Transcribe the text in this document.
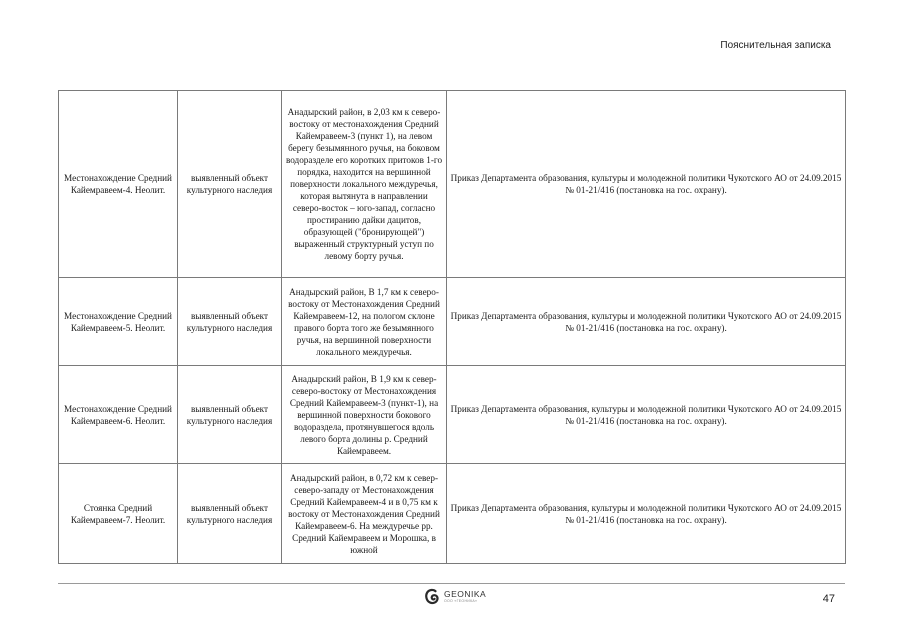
Пояснительная записка
Местонахождение Средний Кайемравеем-4. Неолит.	выявленный объект культурного наследия	Анадырский район, в 2,03 км к северо-востоку от местонахождения Средний Кайемравеем-3 (пункт 1), на левом берегу безымянного ручья, на боковом водоразделе его коротких притоков 1-го порядка, находится на вершинной поверхности локального междуречья, которая вытянута в направлении северо-восток – юго-запад, согласно простиранию дайки дацитов, образующей ("бронирующей") выраженный структурный уступ по левому борту ручья.	Приказ Департамента образования, культуры и молодежной политики Чукотского АО от 24.09.2015 № 01-21/416 (постановка на гос. охрану).
Местонахождение Средний Кайемравеем-5. Неолит.	выявленный объект культурного наследия	Анадырский район, В 1,7 км к северо-востоку от Местонахождения Средний Кайемравеем-12, на пологом склоне правого борта того же безымянного ручья, на вершинной поверхности локального междуречья.	Приказ Департамента образования, культуры и молодежной политики Чукотского АО от 24.09.2015 № 01-21/416 (постановка на гос. охрану).
Местонахождение Средний Кайемравеем-6. Неолит.	выявленный объект культурного наследия	Анадырский район, В 1,9 км к север-северо-востоку от Местонахождения Средний Кайемравеем-3 (пункт-1), на вершинной поверхности бокового водораздела, протянувшегося вдоль левого борта долины р. Средний Кайемравеем.	Приказ Департамента образования, культуры и молодежной политики Чукотского АО от 24.09.2015 № 01-21/416 (постановка на гос. охрану).
Стоянка Средний Кайемравеем-7. Неолит.	выявленный объект культурного наследия	Анадырский район, в 0,72 км к север-северо-западу от Местонахождения Средний Кайемравеем-4 и в 0,75 км к востоку от Местонахождения Средний Кайемравеем-6. На междуречье рр. Средний Кайемравеем и Морошка, в южной	Приказ Департамента образования, культуры и молодежной политики Чукотского АО от 24.09.2015 № 01-21/416 (постановка на гос. охрану).
GEONIKA
ООО «ГЕОНИКА»	47
